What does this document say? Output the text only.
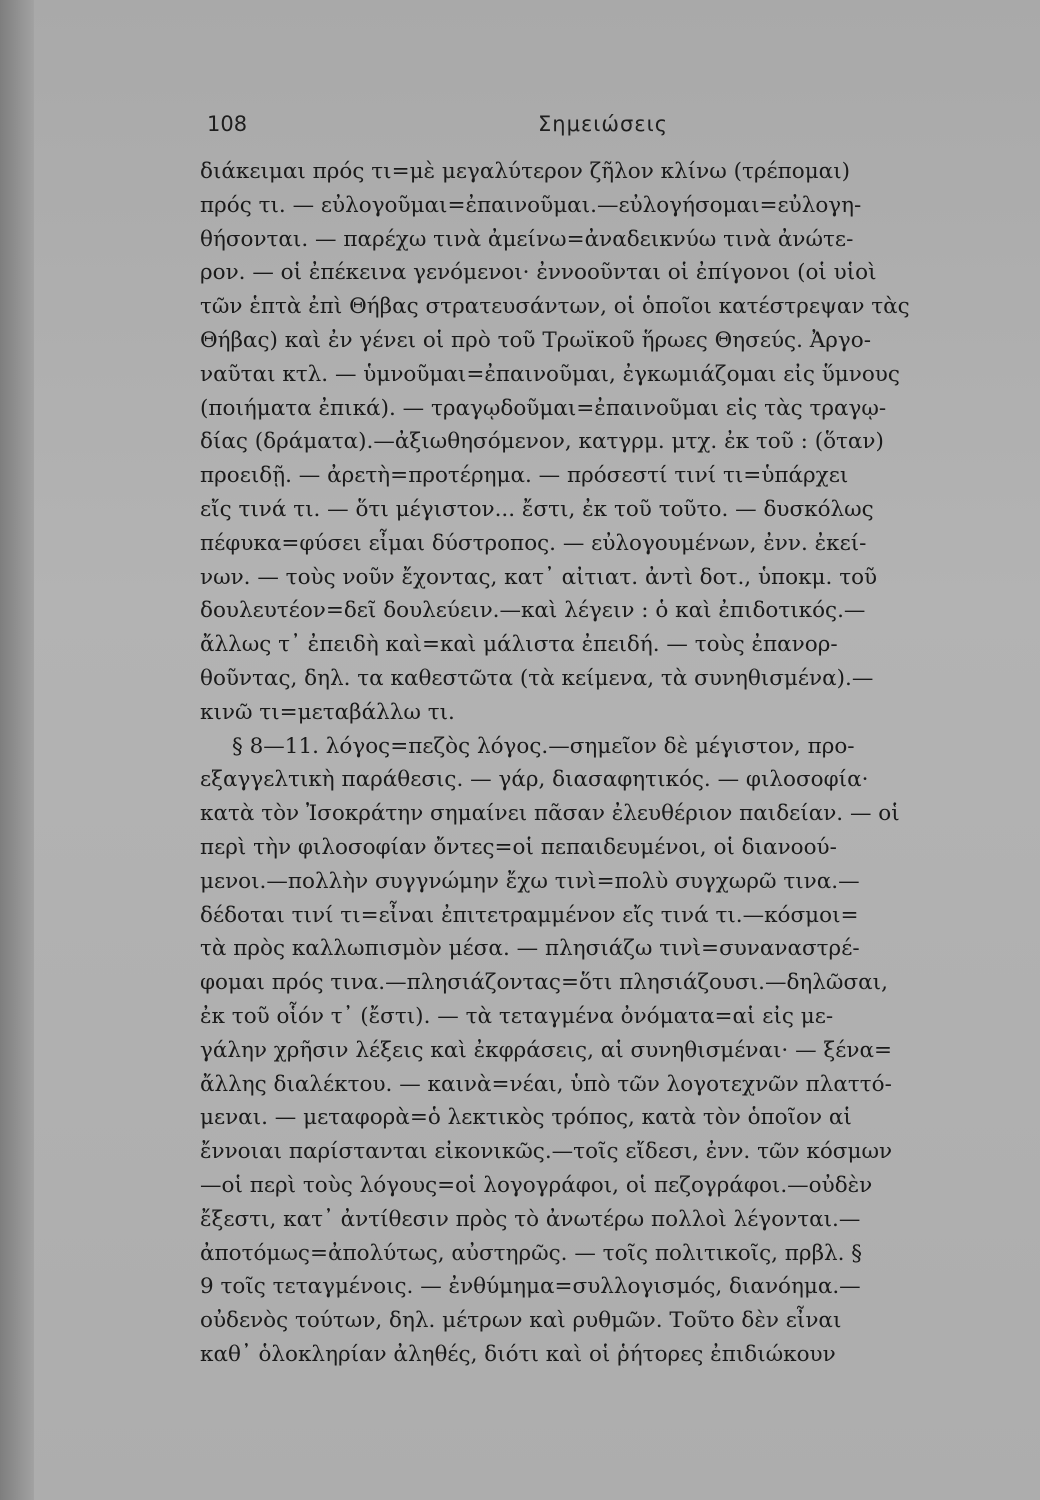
108	Σημειώσεις
διάκειμαι πρός τι=μὲ μεγαλύτερον ζῆλον κλίνω (τρέπομαι)
πρός τι. — εὐλογοῦμαι=ἐπαινοῦμαι.—εὐλογήσομαι=εὐλογη-
θήσονται. — παρέχω τινὰ ἀμείνω=ἀναδεικνύω τινὰ ἀνώτε-
ρον. — οἱ ἐπέκεινα γενόμενοι· ἐννοοῦνται οἱ ἐπίγονοι (οἱ υἱοὶ
τῶν ἑπτὰ ἐπὶ Θήβας στρατευσάντων, οἱ ὁποῖοι κατέστρεψαν τὰς
Θήβας) καὶ ἐν γένει οἱ πρὸ τοῦ Τρωϊκοῦ ἥρωες Θησεύς. Ἀργο-
ναῦται κτλ. — ὑμνοῦμαι=ἐπαινοῦμαι, ἐγκωμιάζομαι εἰς ὕμνους
(ποιήματα ἐπικά). — τραγῳδοῦμαι=ἐπαινοῦμαι εἰς τὰς τραγῳ-
δίας (δράματα).—ἀξιωθησόμενον, κατγρμ. μτχ. ἐκ τοῦ : (ὅταν)
προειδῇ. — ἀρετὴ=προτέρημα. — πρόσεστί τινί τι=ὑπάρχει
εἴς τινά τι. — ὅτι μέγιστον... ἔστι, ἐκ τοῦ τοῦτο. — δυσκόλως
πέφυκα=φύσει εἶμαι δύστροπος. — εὐλογουμένων, ἐνν. ἐκεί-
νων. — τοὺς νοῦν ἔχοντας, κατ᾽ αἰτιατ. ἀντὶ δοτ., ὑποκμ. τοῦ
δουλευτέον=δεῖ δουλεύειν.—καὶ λέγειν : ὁ καὶ ἐπιδοτικός.—
ἄλλως τ᾽ ἐπειδὴ καὶ=καὶ μάλιστα ἐπειδή. — τοὺς ἐπανορ-
θοῦντας, δηλ. τα καθεστῶτα (τὰ κείμενα, τὰ συνηθισμένα).—
κινῶ τι=μεταβάλλω τι.
§ 8—11. λόγος=πεζὸς λόγος.—σημεῖον δὲ μέγιστον, προ-
εξαγγελτικὴ παράθεσις. — γάρ, διασαφητικός. — φιλοσοφία·
κατὰ τὸν Ἰσοκράτην σημαίνει πᾶσαν ἐλευθέριον παιδείαν. — οἱ
περὶ τὴν φιλοσοφίαν ὄντες=οἱ πεπαιδευμένοι, οἱ διανοού-
μενοι.—πολλὴν συγγνώμην ἔχω τινὶ=πολὺ συγχωρῶ τινα.—
δέδοται τινί τι=εἶναι ἐπιτετραμμένον εἴς τινά τι.—κόσμοι=
τὰ πρὸς καλλωπισμὸν μέσα. — πλησιάζω τινὶ=συναναστρέ-
φομαι πρός τινα.—πλησιάζοντας=ὅτι πλησιάζουσι.—δηλῶσαι,
ἐκ τοῦ οἷόν τ᾽ (ἔστι). — τὰ τεταγμένα ὀνόματα=αἱ εἰς με-
γάλην χρῆσιν λέξεις καὶ ἐκφράσεις, αἱ συνηθισμέναι· — ξένα=
ἄλλης διαλέκτου. — καινὰ=νέαι, ὑπὸ τῶν λογοτεχνῶν πλαττό-
μεναι. — μεταφορὰ=ὁ λεκτικὸς τρόπος, κατὰ τὸν ὁποῖον αἱ
ἔννοιαι παρίστανται εἰκονικῶς.—τοῖς εἴδεσι, ἐνν. τῶν κόσμων
—οἱ περὶ τοὺς λόγους=οἱ λογογράφοι, οἱ πεζογράφοι.—οὐδὲν
ἔξεστι, κατ᾽ ἀντίθεσιν πρὸς τὸ ἀνωτέρω πολλοὶ λέγονται.—
ἀποτόμως=ἀπολύτως, αὐστηρῶς. — τοῖς πολιτικοῖς, πρβλ. §
9 τοῖς τεταγμένοις. — ἐνθύμημα=συλλογισμός, διανόημα.—
οὐδενὸς τούτων, δηλ. μέτρων καὶ ρυθμῶν. Τοῦτο δὲν εἶναι
καθ᾽ ὁλοκληρίαν ἀληθές, διότι καὶ οἱ ῥήτορες ἐπιδιώκουν
